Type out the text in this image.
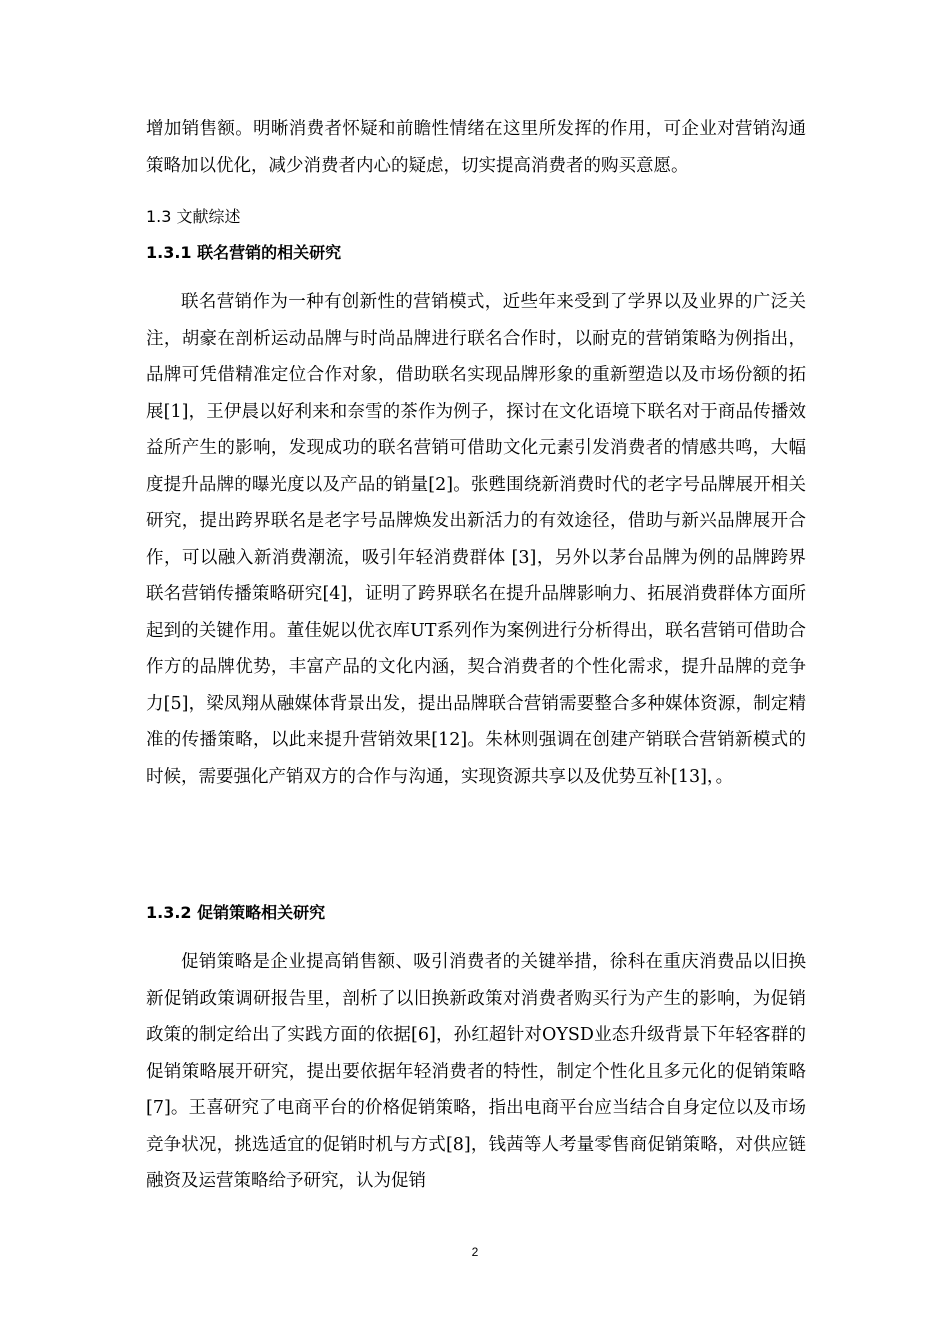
增加销售额。明晰消费者怀疑和前瞻性情绪在这里所发挥的作用，可企业对营销沟通策略加以优化，减少消费者内心的疑虑，切实提高消费者的购买意愿。
1.3 文献综述
1.3.1 联名营销的相关研究
联名营销作为一种有创新性的营销模式，近些年来受到了学界以及业界的广泛关注，胡豪在剖析运动品牌与时尚品牌进行联名合作时，以耐克的营销策略为例指出，品牌可凭借精准定位合作对象，借助联名实现品牌形象的重新塑造以及市场份额的拓展[1]，王伊晨以好利来和奈雪的茶作为例子，探讨在文化语境下联名对于商品传播效益所产生的影响，发现成功的联名营销可借助文化元素引发消费者的情感共鸣，大幅度提升品牌的曝光度以及产品的销量[2]。张甦围绕新消费时代的老字号品牌展开相关研究，提出跨界联名是老字号品牌焕发出新活力的有效途径，借助与新兴品牌展开合作，可以融入新消费潮流，吸引年轻消费群体 [3]，另外以茅台品牌为例的品牌跨界联名营销传播策略研究[4]，证明了跨界联名在提升品牌影响力、拓展消费群体方面所起到的关键作用。董佳妮以优衣库UT系列作为案例进行分析得出，联名营销可借助合作方的品牌优势，丰富产品的文化内涵，契合消费者的个性化需求，提升品牌的竞争力[5]，梁凤翔从融媒体背景出发，提出品牌联合营销需要整合多种媒体资源，制定精准的传播策略，以此来提升营销效果[12]。朱林则强调在创建产销联合营销新模式的时候，需要强化产销双方的合作与沟通，实现资源共享以及优势互补[13]，。
1.3.2 促销策略相关研究
促销策略是企业提高销售额、吸引消费者的关键举措，徐科在重庆消费品以旧换新促销政策调研报告里，剖析了以旧换新政策对消费者购买行为产生的影响，为促销政策的制定给出了实践方面的依据[6]，孙红超针对OYSD业态升级背景下年轻客群的促销策略展开研究，提出要依据年轻消费者的特性，制定个性化且多元化的促销策略[7]。王喜研究了电商平台的价格促销策略，指出电商平台应当结合自身定位以及市场竞争状况，挑选适宜的促销时机与方式[8]，钱茜等人考量零售商促销策略，对供应链融资及运营策略给予研究，认为促销
2
